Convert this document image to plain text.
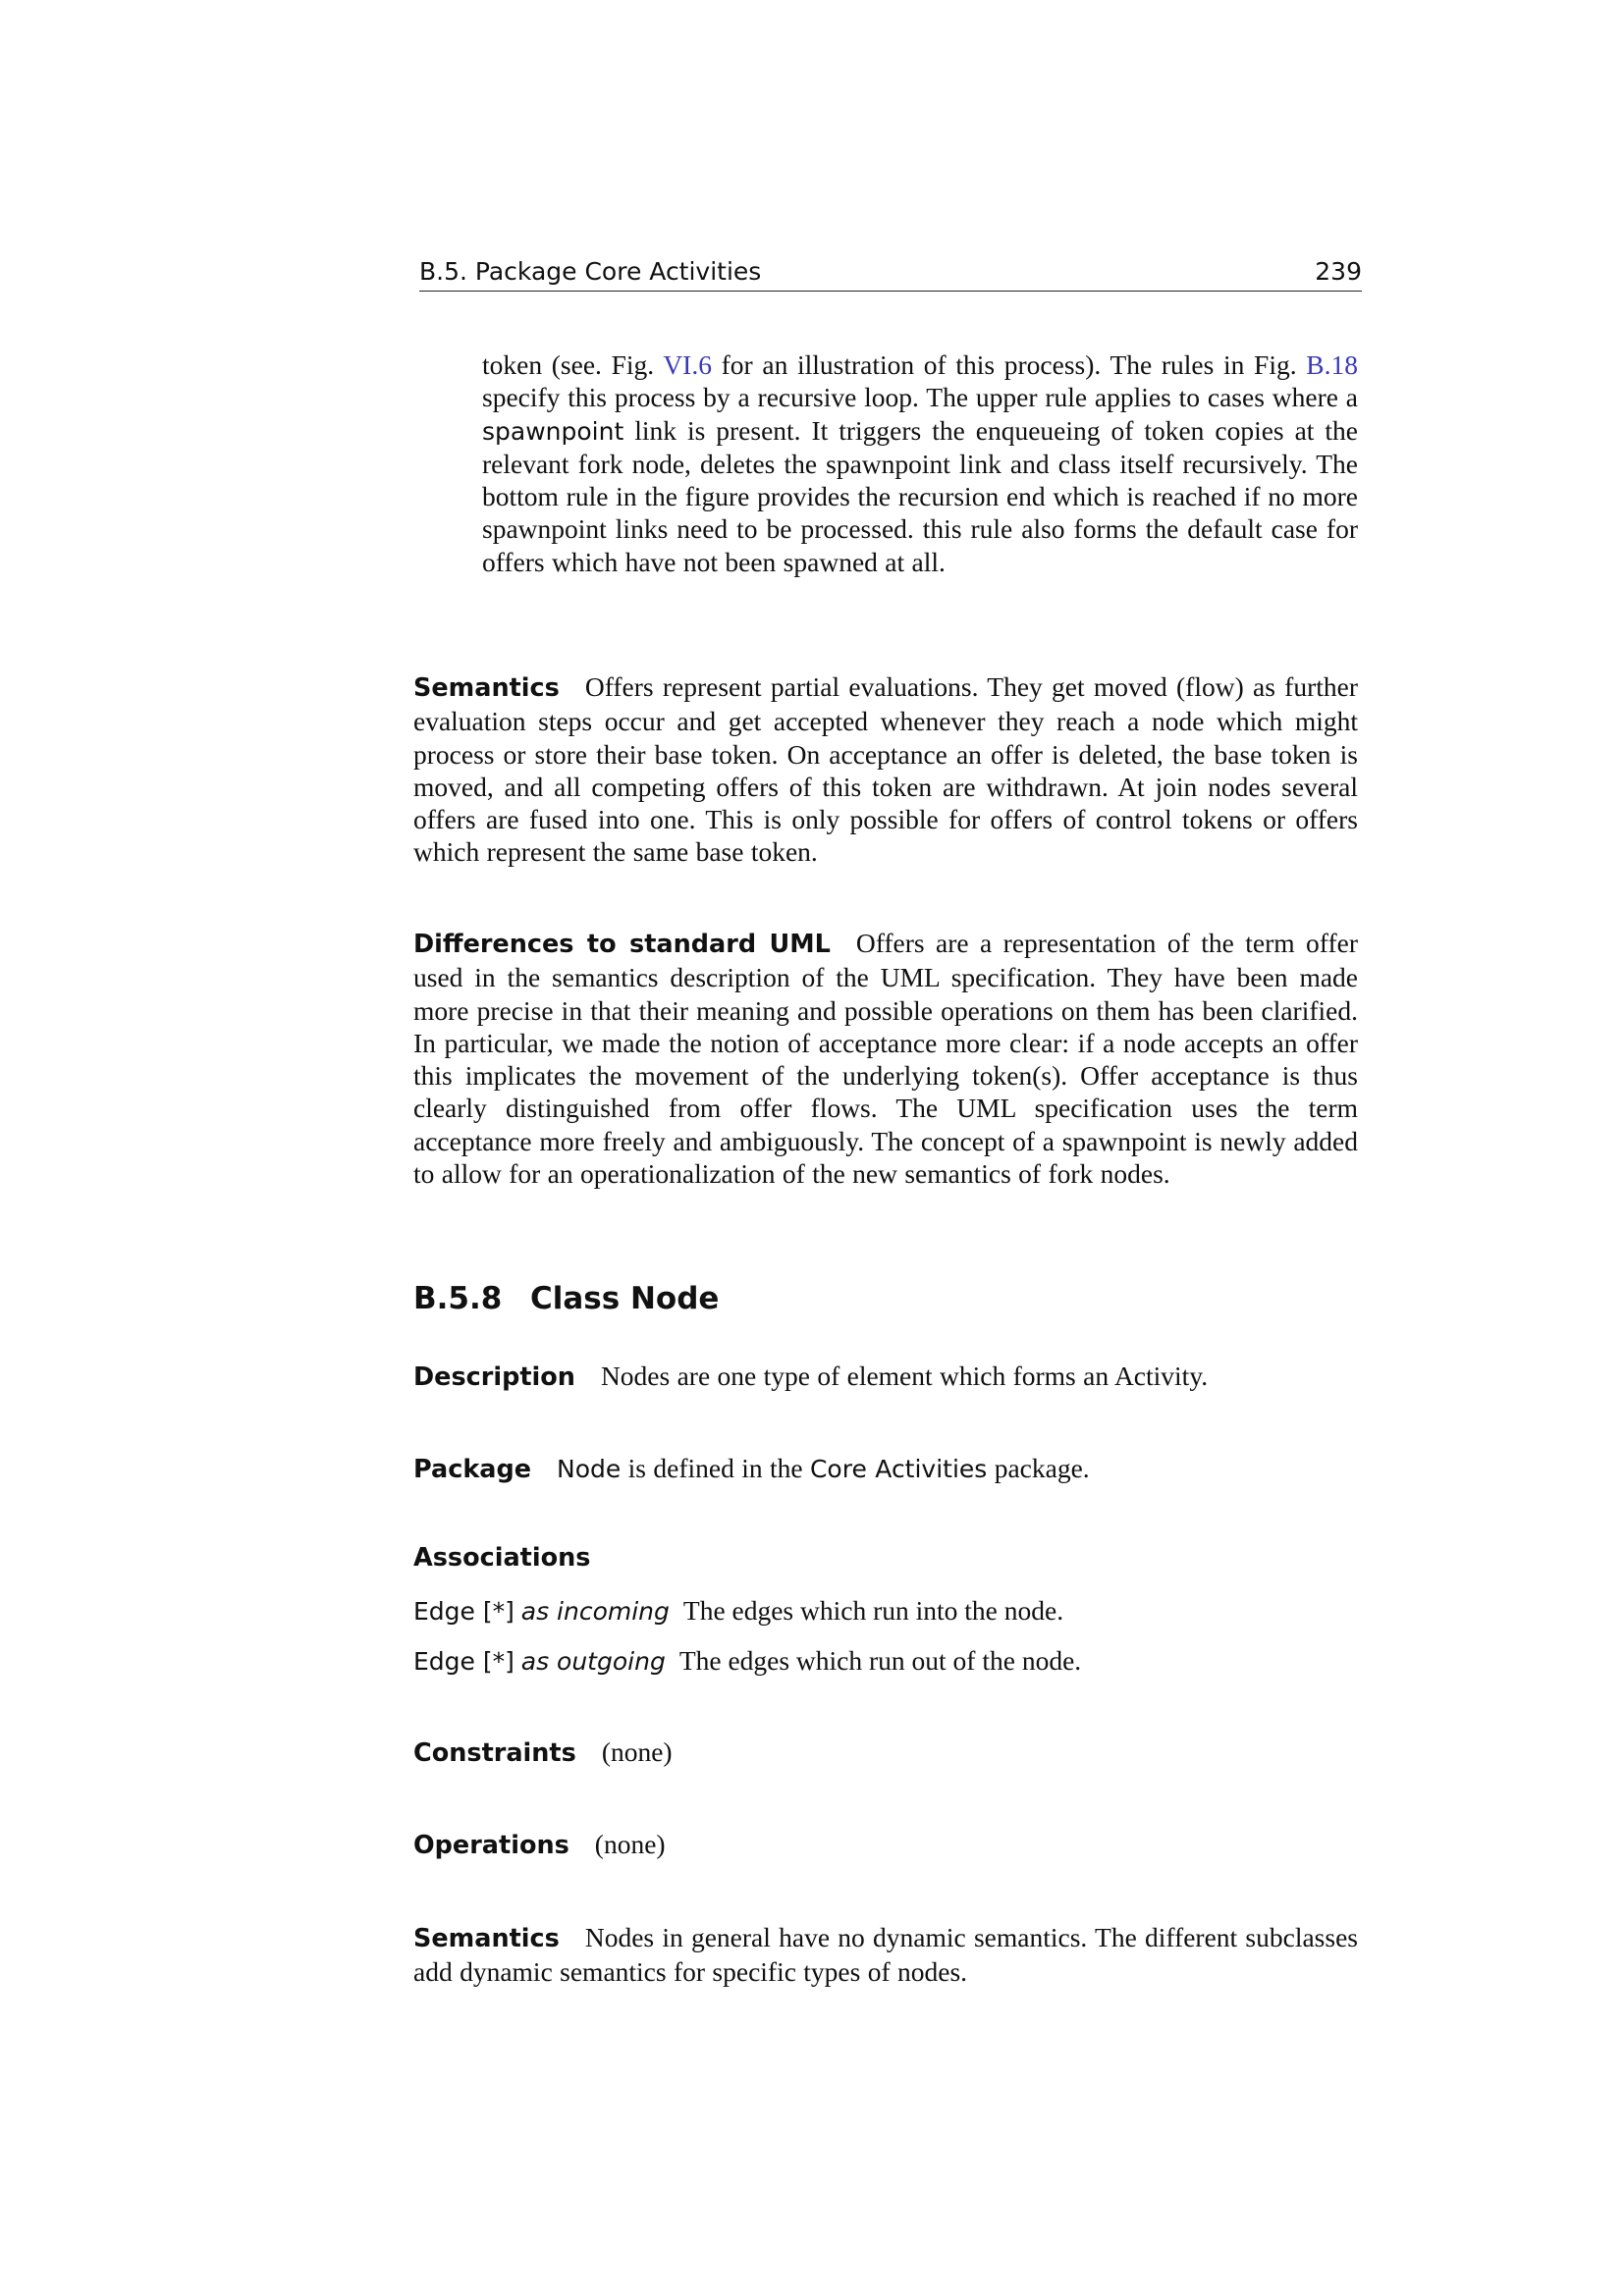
B.5. Package Core Activities	239
token (see. Fig. VI.6 for an illustration of this process). The rules in Fig. B.18 specify this process by a recursive loop. The upper rule applies to cases where a spawnpoint link is present. It triggers the enqueueing of token copies at the relevant fork node, deletes the spawnpoint link and class itself recursively. The bottom rule in the figure provides the recursion end which is reached if no more spawnpoint links need to be processed. this rule also forms the default case for offers which have not been spawned at all.
Semantics Offers represent partial evaluations. They get moved (flow) as further evaluation steps occur and get accepted whenever they reach a node which might process or store their base token. On acceptance an offer is deleted, the base token is moved, and all competing offers of this token are withdrawn. At join nodes several offers are fused into one. This is only possible for offers of control tokens or offers which represent the same base token.
Differences to standard UML Offers are a representation of the term offer used in the semantics description of the UML specification. They have been made more precise in that their meaning and possible operations on them has been clarified. In particular, we made the notion of acceptance more clear: if a node accepts an offer this implicates the movement of the underlying token(s). Offer acceptance is thus clearly distinguished from offer flows. The UML specification uses the term acceptance more freely and ambiguously. The concept of a spawnpoint is newly added to allow for an operationalization of the new semantics of fork nodes.
B.5.8 Class Node
Description Nodes are one type of element which forms an Activity.
Package Node is defined in the Core Activities package.
Associations
Edge [*] as incoming The edges which run into the node.
Edge [*] as outgoing The edges which run out of the node.
Constraints (none)
Operations (none)
Semantics Nodes in general have no dynamic semantics. The different subclasses add dynamic semantics for specific types of nodes.
